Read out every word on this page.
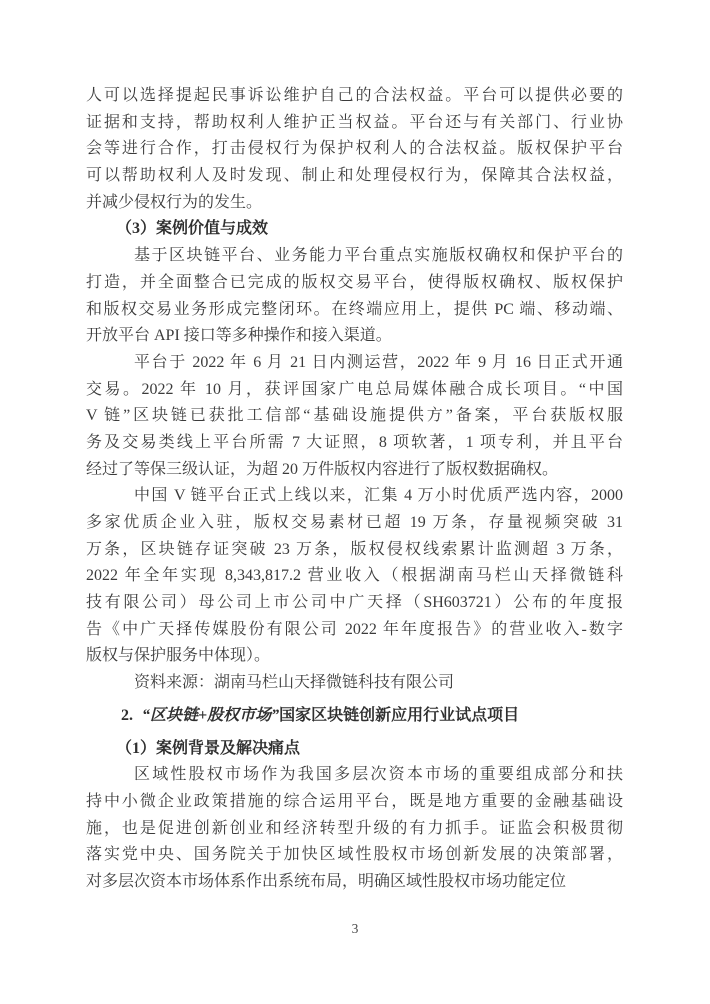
人可以选择提起民事诉讼维护自己的合法权益。平台可以提供必要的
证据和支持，帮助权利人维护正当权益。平台还与有关部门、行业协
会等进行合作，打击侵权行为保护权利人的合法权益。版权保护平台
可以帮助权利人及时发现、制止和处理侵权行为，保障其合法权益，
并减少侵权行为的发生。
（3）案例价值与成效
基于区块链平台、业务能力平台重点实施版权确权和保护平台的
打造，并全面整合已完成的版权交易平台，使得版权确权、版权保护
和版权交易业务形成完整闭环。在终端应用上，提供 PC 端、移动端、
开放平台 API 接口等多种操作和接入渠道。
平台于 2022 年 6 月 21 日内测运营，2022 年 9 月 16 日正式开通
交易。2022 年 10 月，获评国家广电总局媒体融合成长项目。“中国
V 链”区块链已获批工信部“基础设施提供方”备案，平台获版权服
务及交易类线上平台所需 7 大证照，8 项软著，1 项专利，并且平台
经过了等保三级认证，为超 20 万件版权内容进行了版权数据确权。
中国 V 链平台正式上线以来，汇集 4 万小时优质严选内容，2000
多家优质企业入驻，版权交易素材已超 19 万条，存量视频突破 31
万条，区块链存证突破 23 万条，版权侵权线索累计监测超 3 万条，
2022 年全年实现 8,343,817.2 营业收入（根据湖南马栏山天择微链科
技有限公司）母公司上市公司中广天择（SH603721）公布的年度报
告《中广天择传媒股份有限公司 2022 年年度报告》的营业收入-数字
版权与保护服务中体现）。
资料来源：湖南马栏山天择微链科技有限公司
2. “区块链+股权市场”国家区块链创新应用行业试点项目
（1）案例背景及解决痛点
区域性股权市场作为我国多层次资本市场的重要组成部分和扶
持中小微企业政策措施的综合运用平台，既是地方重要的金融基础设
施，也是促进创新创业和经济转型升级的有力抓手。证监会积极贯彻
落实党中央、国务院关于加快区域性股权市场创新发展的决策部署，
对多层次资本市场体系作出系统布局，明确区域性股权市场功能定位
3
